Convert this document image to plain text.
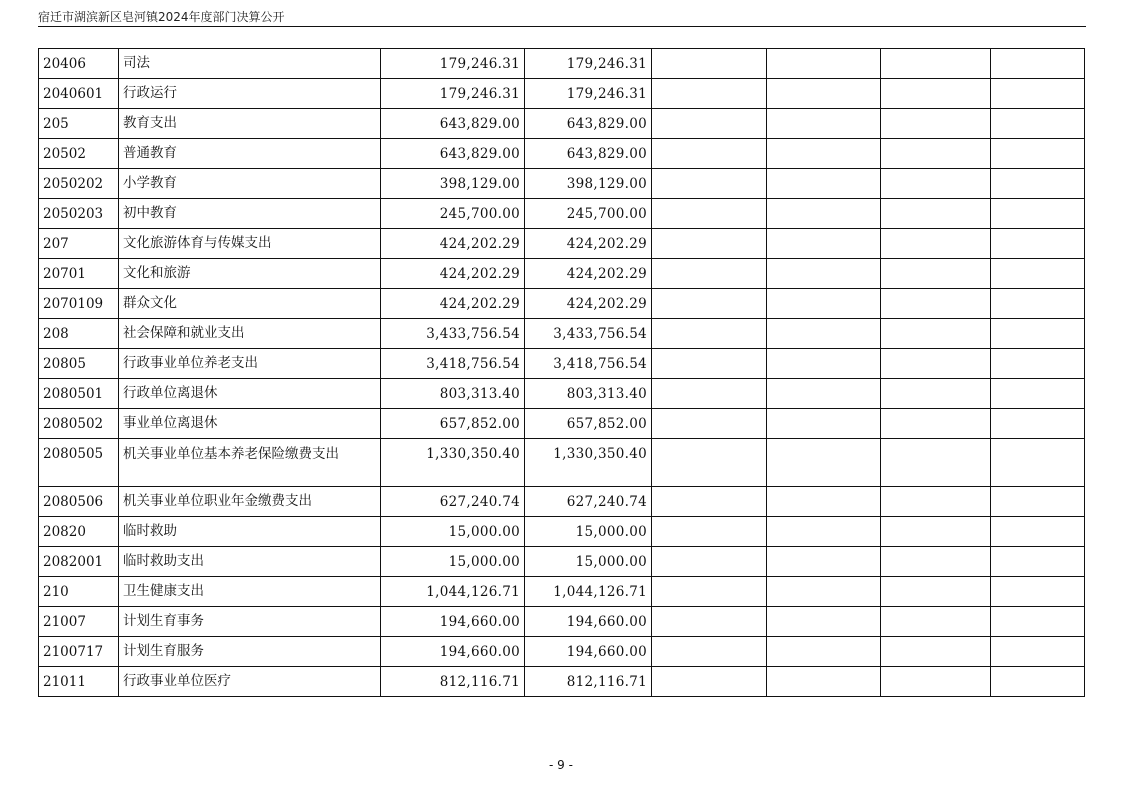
宿迁市湖滨新区皂河镇2024年度部门决算公开
20406	司法	179,246.31	179,246.31				
2040601	行政运行	179,246.31	179,246.31				
205	教育支出	643,829.00	643,829.00				
20502	普通教育	643,829.00	643,829.00				
2050202	小学教育	398,129.00	398,129.00				
2050203	初中教育	245,700.00	245,700.00				
207	文化旅游体育与传媒支出	424,202.29	424,202.29				
20701	文化和旅游	424,202.29	424,202.29				
2070109	群众文化	424,202.29	424,202.29				
208	社会保障和就业支出	3,433,756.54	3,433,756.54				
20805	行政事业单位养老支出	3,418,756.54	3,418,756.54				
2080501	行政单位离退休	803,313.40	803,313.40				
2080502	事业单位离退休	657,852.00	657,852.00				
2080505	机关事业单位基本养老保险缴费支出	1,330,350.40	1,330,350.40				
2080506	机关事业单位职业年金缴费支出	627,240.74	627,240.74				
20820	临时救助	15,000.00	15,000.00				
2082001	临时救助支出	15,000.00	15,000.00				
210	卫生健康支出	1,044,126.71	1,044,126.71				
21007	计划生育事务	194,660.00	194,660.00				
2100717	计划生育服务	194,660.00	194,660.00				
21011	行政事业单位医疗	812,116.71	812,116.71				
- 9 -
